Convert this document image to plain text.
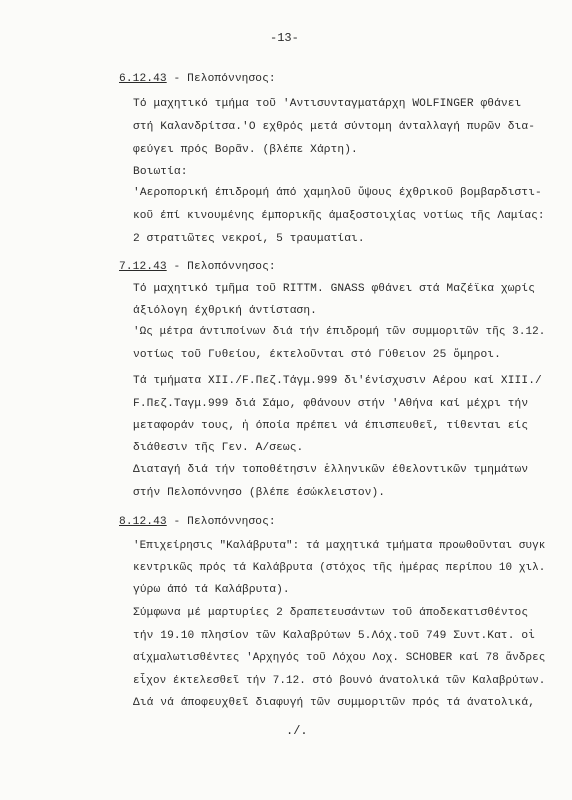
-13-
6.12.43 - Πελοπόννησος:
Τό μαχητικό τμήμα τοῦ 'Αντισυνταγματάρχη WOLFINGER φθάνει
στή Καλανδρίτσα.'Ο εχθρός μετά σύντομη άνταλλαγή πυρῶν δια-
φεύγει πρός Βορᾶν. (βλέπε Χάρτη).
Βοιωτία:
'Αεροπορική έπιδρομή άπό χαμηλοῦ ὕψους έχθρικοῦ βομβαρδιστι-
κοῦ έπί κινουμένης έμπορικῆς άμαξοστοιχίας νοτίως τῆς Λαμίας:
2 στρατιῶτες νεκροί, 5 τραυματίαι.
7.12.43 - Πελοπόννησος:
Τό μαχητικό τμῆμα τοῦ RITTM. GNASS φθάνει στά Μαζέϊκα χωρίς
άξιόλογη έχθρική άντίσταση.
'Ως μέτρα άντιποίνων διά τήν έπιδρομή τῶν συμμοριτῶν τῆς 3.12.
νοτίως τοῦ Γυθείου, έκτελοῦνται στό Γύθειον 25 ὅμηροι.
Τά τμήματα XII./F.Πεζ.Τάγμ.999 δι'ένίσχυσιν Αέρου καί XIII./
F.Πεζ.Ταγμ.999 διά Σάμο, φθάνουν στήν 'Αθήνα καί μέχρι τήν
μεταφοράν τους, ἡ όποία πρέπει νά έπισπευθεῖ, τίθενται είς
διάθεσιν τῆς Γεν. Α/σεως.
Διαταγή διά τήν τοποθέτησιν ἑλληνικῶν έθελοντικῶν τμημάτων
στήν Πελοπόννησο (βλέπε έσώκλειστον).
8.12.43 - Πελοπόννησος:
'Επιχείρησις "Καλάβρυτα": τά μαχητικά τμήματα προωθοῦνται συγκ
κεντρικῶς πρός τά Καλάβρυτα (στόχος τῆς ἡμέρας περίπου 10 χιλ.
γύρω άπό τά Καλάβρυτα).
Σύμφωνα μέ μαρτυρίες 2 δραπετευσάντων τοῦ άποδεκατισθέντος
τήν 19.10 πλησίον τῶν Καλαβρύτων 5.Λόχ.τοῦ 749 Συντ.Κατ. οἱ
αίχμαλωτισθέντες 'Αρχηγός τοῦ Λόχου Λοχ. SCHOBER καί 78 ἄνδρες
εἶχον έκτελεσθεῖ τήν 7.12. στό βουνό άνατολικά τῶν Καλαβρύτων.
Διά νά άποφευχθεῖ διαφυγή τῶν συμμοριτῶν πρός τά άνατολικά,
./.
